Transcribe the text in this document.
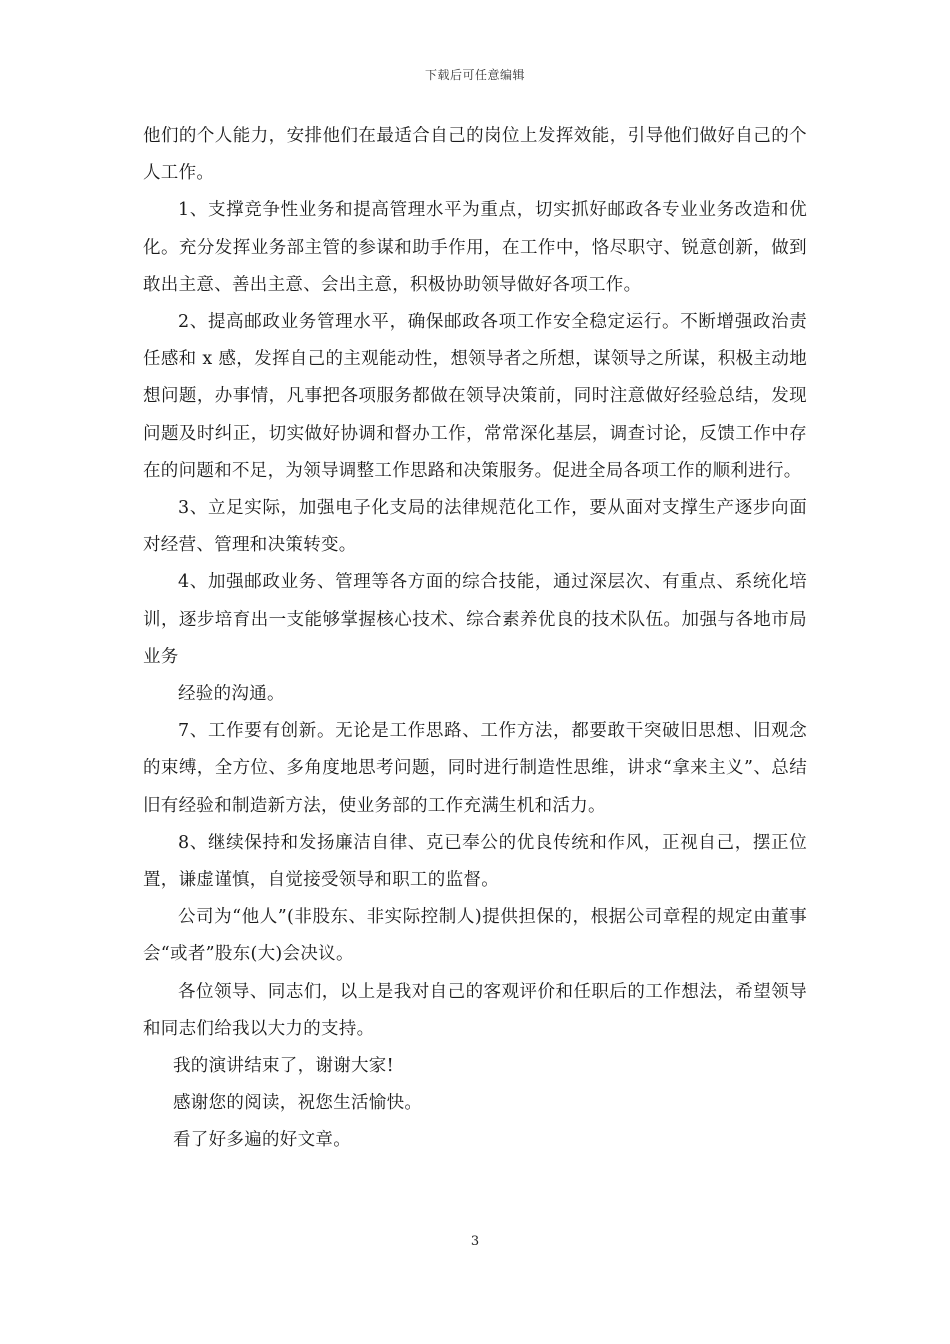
下载后可任意编辑

他们的个人能力，安排他们在最适合自己的岗位上发挥效能，引导他们做好自己的个人工作。

1、支撑竞争性业务和提高管理水平为重点，切实抓好邮政各专业业务改造和优化。充分发挥业务部主管的参谋和助手作用，在工作中，恪尽职守、锐意创新，做到敢出主意、善出主意、会出主意，积极协助领导做好各项工作。

2、提高邮政业务管理水平，确保邮政各项工作安全稳定运行。不断增强政治责任感和 x 感，发挥自己的主观能动性，想领导者之所想，谋领导之所谋，积极主动地想问题，办事情，凡事把各项服务都做在领导决策前，同时注意做好经验总结，发现问题及时纠正，切实做好协调和督办工作，常常深化基层，调查讨论，反馈工作中存在的问题和不足，为领导调整工作思路和决策服务。促进全局各项工作的顺利进行。

3、立足实际，加强电子化支局的法律规范化工作，要从面对支撑生产逐步向面对经营、管理和决策转变。

4、加强邮政业务、管理等各方面的综合技能，通过深层次、有重点、系统化培训，逐步培育出一支能够掌握核心技术、综合素养优良的技术队伍。加强与各地市局业务

经验的沟通。

7、工作要有创新。无论是工作思路、工作方法，都要敢干突破旧思想、旧观念的束缚，全方位、多角度地思考问题，同时进行制造性思维，讲求“拿来主义”、总结旧有经验和制造新方法，使业务部的工作充满生机和活力。

8、继续保持和发扬廉洁自律、克已奉公的优良传统和作风，正视自己，摆正位置，谦虚谨慎，自觉接受领导和职工的监督。

公司为“他人”(非股东、非实际控制人)提供担保的，根据公司章程的规定由董事会“或者”股东(大)会决议。

各位领导、同志们，以上是我对自己的客观评价和任职后的工作想法，希望领导和同志们给我以大力的支持。

我的演讲结束了，谢谢大家!

感谢您的阅读，祝您生活愉快。

看了好多遍的好文章。

3
